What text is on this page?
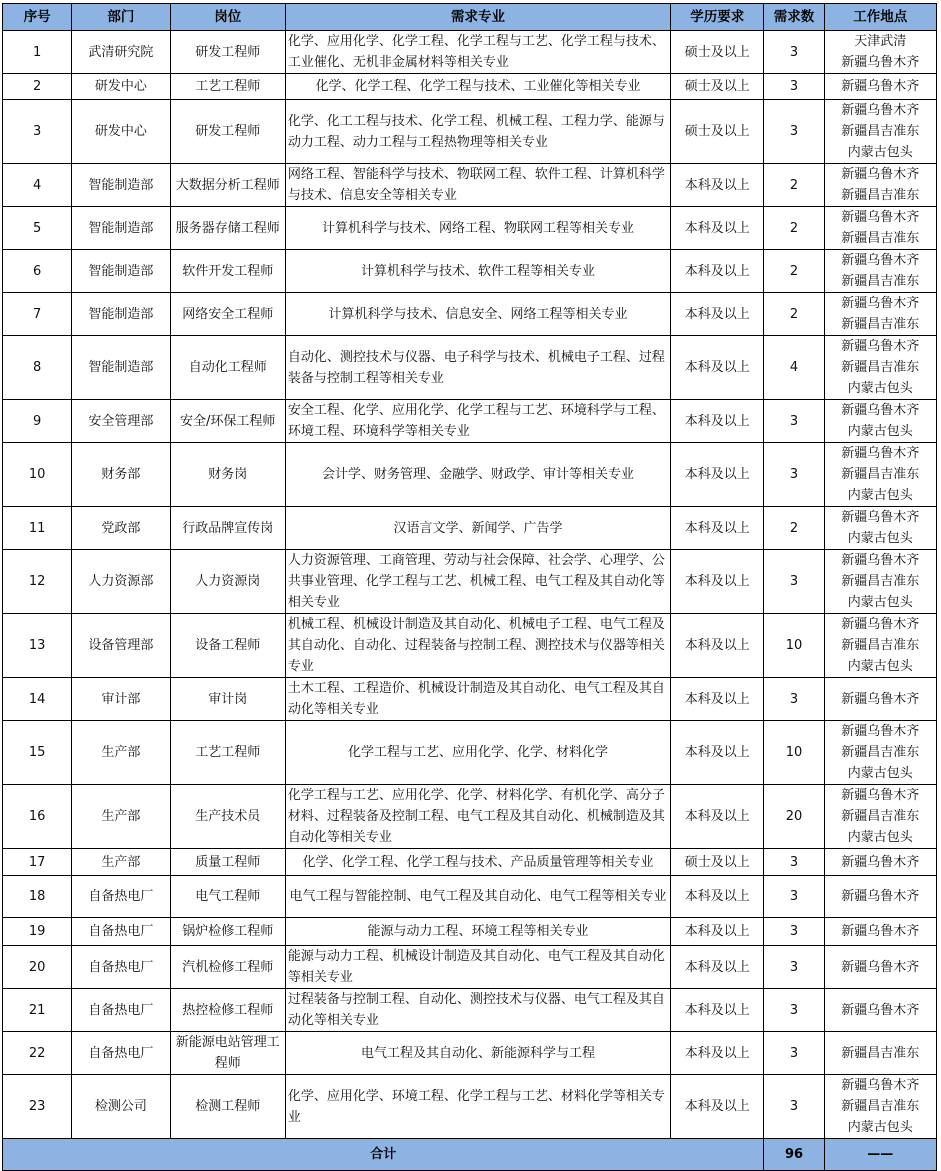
序号	部门	岗位	需求专业	学历要求	需求数	工作地点
1	武清研究院	研发工程师	化学、应用化学、化学工程、化学工程与工艺、化学工程与技术、工业催化、无机非金属材料等相关专业	硕士及以上	3	天津武清
新疆乌鲁木齐

2	研发中心	工艺工程师	化学、化学工程、化学工程与技术、工业催化等相关专业	硕士及以上	3	新疆乌鲁木齐

3	研发中心	研发工程师	化学、化工工程与技术、化学工程、机械工程、工程力学、能源与动力工程、动力工程与工程热物理等相关专业	硕士及以上	3	新疆乌鲁木齐
新疆昌吉准东
内蒙古包头

4	智能制造部	大数据分析工程师	网络工程、智能科学与技术、物联网工程、软件工程、计算机科学与技术、信息安全等相关专业	本科及以上	2	新疆乌鲁木齐
新疆昌吉准东

5	智能制造部	服务器存储工程师	计算机科学与技术、网络工程、物联网工程等相关专业	本科及以上	2	新疆乌鲁木齐
新疆昌吉准东

6	智能制造部	软件开发工程师	计算机科学与技术、软件工程等相关专业	本科及以上	2	新疆乌鲁木齐
新疆昌吉准东

7	智能制造部	网络安全工程师	计算机科学与技术、信息安全、网络工程等相关专业	本科及以上	2	新疆乌鲁木齐
新疆昌吉准东

8	智能制造部	自动化工程师	自动化、测控技术与仪器、电子科学与技术、机械电子工程、过程装备与控制工程等相关专业	本科及以上	4	新疆乌鲁木齐
新疆昌吉准东
内蒙古包头

9	安全管理部	安全/环保工程师	安全工程、化学、应用化学、化学工程与工艺、环境科学与工程、环境工程、环境科学等相关专业	本科及以上	3	新疆乌鲁木齐
内蒙古包头

10	财务部	财务岗	会计学、财务管理、金融学、财政学、审计等相关专业	本科及以上	3	新疆乌鲁木齐
新疆昌吉准东
内蒙古包头

11	党政部	行政品牌宣传岗	汉语言文学、新闻学、广告学	本科及以上	2	新疆乌鲁木齐
内蒙古包头

12	人力资源部	人力资源岗	人力资源管理、工商管理、劳动与社会保障、社会学、心理学、公共事业管理、化学工程与工艺、机械工程、电气工程及其自动化等相关专业	本科及以上	3	新疆乌鲁木齐
新疆昌吉准东
内蒙古包头

13	设备管理部	设备工程师	机械工程、机械设计制造及其自动化、机械电子工程、电气工程及其自动化、自动化、过程装备与控制工程、测控技术与仪器等相关专业	本科及以上	10	新疆乌鲁木齐
新疆昌吉准东
内蒙古包头

14	审计部	审计岗	土木工程、工程造价、机械设计制造及其自动化、电气工程及其自动化等相关专业	本科及以上	3	新疆乌鲁木齐

15	生产部	工艺工程师	化学工程与工艺、应用化学、化学、材料化学	本科及以上	10	新疆乌鲁木齐
新疆昌吉准东
内蒙古包头

16	生产部	生产技术员	化学工程与工艺、应用化学、化学、材料化学、有机化学、高分子材料、过程装备及控制工程、电气工程及其自动化、机械制造及其自动化等相关专业	本科及以上	20	新疆乌鲁木齐
新疆昌吉准东
内蒙古包头

17	生产部	质量工程师	化学、化学工程、化学工程与技术、产品质量管理等相关专业	硕士及以上	3	新疆乌鲁木齐

18	自备热电厂	电气工程师	电气工程与智能控制、电气工程及其自动化、电气工程等相关专业	本科及以上	3	新疆乌鲁木齐

19	自备热电厂	锅炉检修工程师	能源与动力工程、环境工程等相关专业	本科及以上	3	新疆乌鲁木齐

20	自备热电厂	汽机检修工程师	能源与动力工程、机械设计制造及其自动化、电气工程及其自动化等相关专业	本科及以上	3	新疆乌鲁木齐

21	自备热电厂	热控检修工程师	过程装备与控制工程、自动化、测控技术与仪器、电气工程及其自动化等相关专业	本科及以上	3	新疆乌鲁木齐

22	自备热电厂	新能源电站管理工程师	电气工程及其自动化、新能源科学与工程	本科及以上	3	新疆昌吉准东

23	检测公司	检测工程师	化学、应用化学、环境工程、化学工程与工艺、材料化学等相关专业	本科及以上	3	新疆乌鲁木齐
新疆昌吉准东
内蒙古包头

合计					96	——
